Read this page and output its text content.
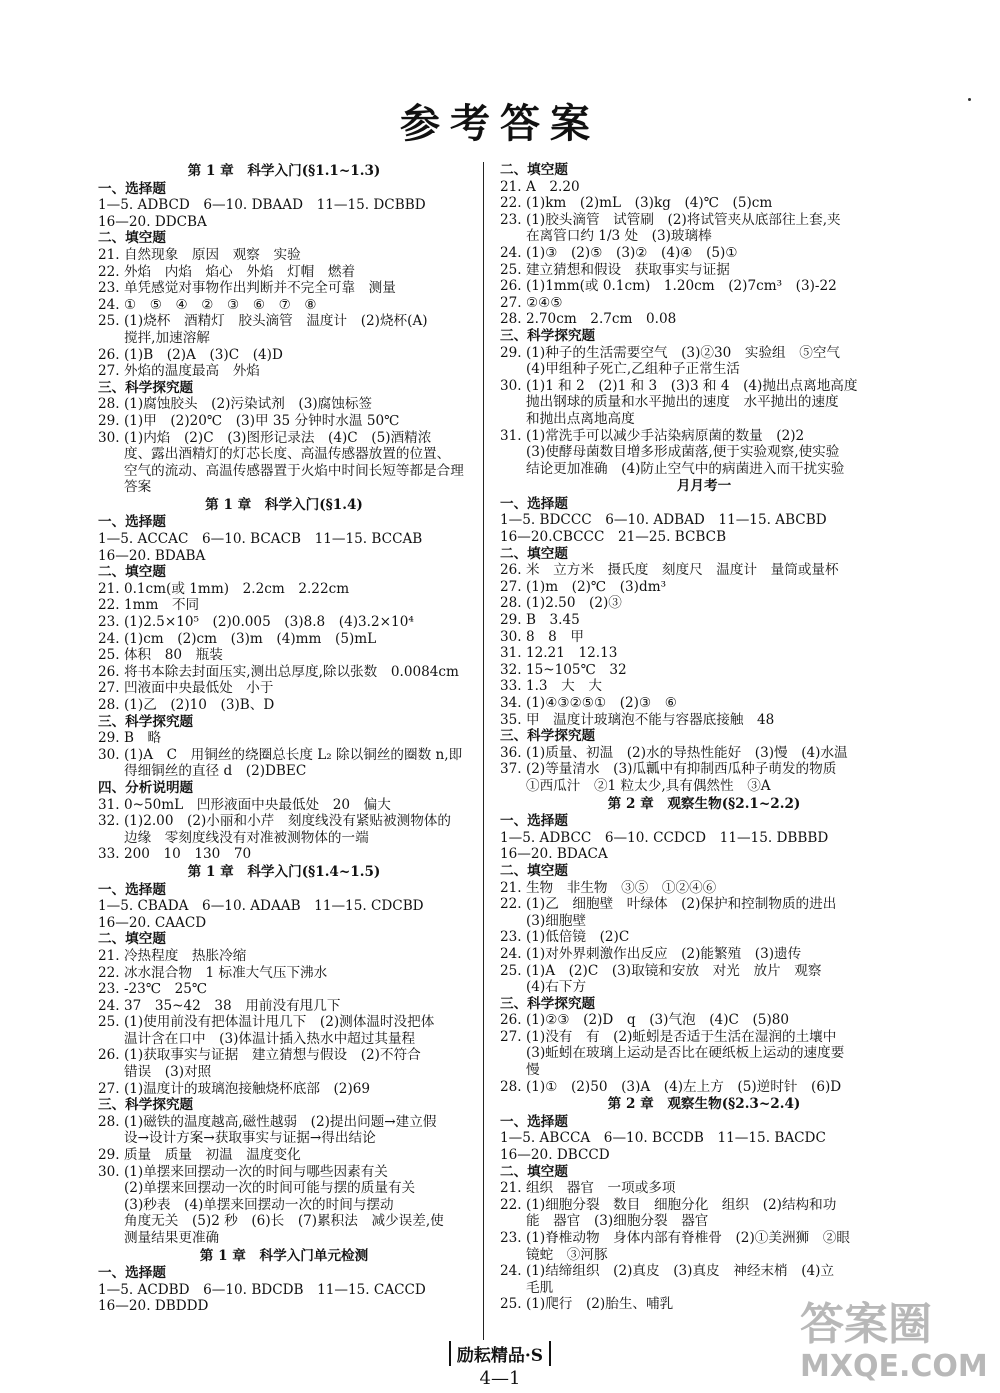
参考答案
第 1 章　科学入门(§1.1~1.3)
一、选择题
1—5. ADBCD　6—10. DBAAD　11—15. DCBBD
16—20. DDCBA
二、填空题
21. 自然现象　原因　观察　实验
22. 外焰　内焰　焰心　外焰　灯帽　燃着
23. 单凭感觉对事物作出判断并不完全可靠　测量
24. ①　⑤　④　②　③　⑥　⑦　⑧
25. (1)烧杯　酒精灯　胶头滴管　温度计　(2)烧杯(A)
搅拌,加速溶解
26. (1)B　(2)A　(3)C　(4)D
27. 外焰的温度最高　外焰
三、科学探究题
28. (1)腐蚀胶头　(2)污染试剂　(3)腐蚀标签
29. (1)甲　(2)20℃　(3)甲 35 分钟时水温 50℃
30. (1)内焰　(2)C　(3)图形记录法　(4)C　(5)酒精浓
度、露出酒精灯的灯芯长度、高温传感器放置的位置、
空气的流动、高温传感器置于火焰中时间长短等都是合理
答案
第 1 章　科学入门(§1.4)
一、选择题
1—5. ACCAC　6—10. BCACB　11—15. BCCAB
16—20. BDABA
二、填空题
21. 0.1cm(或 1mm)　2.2cm　2.22cm
22. 1mm　不同
23. (1)2.5×10⁵　(2)0.005　(3)8.8　(4)3.2×10⁴
24. (1)cm　(2)cm　(3)m　(4)mm　(5)mL
25. 体积　80　瓶装
26. 将书本除去封面压实,测出总厚度,除以张数　0.0084cm
27. 凹液面中央最低处　小于
28. (1)乙　(2)10　(3)B、D
三、科学探究题
29. B　略
30. (1)A　C　用铜丝的绕圈总长度 L₂ 除以铜丝的圈数 n,即
得细铜丝的直径 d　(2)DBEC
四、分析说明题
31. 0~50mL　凹形液面中央最低处　20　偏大
32. (1)2.00　(2)小丽和小芹　刻度线没有紧贴被测物体的
边缘　零刻度线没有对准被测物体的一端
33. 200　10　130　70
第 1 章　科学入门(§1.4~1.5)
一、选择题
1—5. CBADA　6—10. ADAAB　11—15. CDCBD
16—20. CAACD
二、填空题
21. 冷热程度　热胀冷缩
22. 冰水混合物　1 标准大气压下沸水
23. -23℃　25℃
24. 37　35~42　38　用前没有甩几下
25. (1)使用前没有把体温计甩几下　(2)测体温时没把体
温计含在口中　(3)体温计插入热水中超过其量程
26. (1)获取事实与证据　建立猜想与假设　(2)不符合
错误　(3)对照
27. (1)温度计的玻璃泡接触烧杯底部　(2)69
三、科学探究题
28. (1)磁铁的温度越高,磁性越弱　(2)提出问题→建立假
设→设计方案→获取事实与证据→得出结论
29. 质量　质量　初温　温度变化
30. (1)单摆来回摆动一次的时间与哪些因素有关
(2)单摆来回摆动一次的时间可能与摆的质量有关
(3)秒表　(4)单摆来回摆动一次的时间与摆动
角度无关　(5)2 秒　(6)长　(7)累积法　减少误差,使
测量结果更准确
第 1 章　科学入门单元检测
一、选择题
1—5. ACDBD　6—10. BDCDB　11—15. CACCD
16—20. DBDDD
二、填空题
21. A　2.20
22. (1)km　(2)mL　(3)kg　(4)℃　(5)cm
23. (1)胶头滴管　试管刷　(2)将试管夹从底部往上套,夹
在离管口约 1/3 处　(3)玻璃棒
24. (1)③　(2)⑤　(3)②　(4)④　(5)①
25. 建立猜想和假设　获取事实与证据
26. (1)1mm(或 0.1cm)　1.20cm　(2)7cm³　(3)-22
27. ②④⑤
28. 2.70cm　2.7cm　0.08
三、科学探究题
29. (1)种子的生活需要空气　(3)②30　实验组　⑤空气
(4)甲组种子死亡,乙组种子正常生活
30. (1)1 和 2　(2)1 和 3　(3)3 和 4　(4)抛出点离地高度
抛出钢球的质量和水平抛出的速度　水平抛出的速度
和抛出点离地高度
31. (1)常洗手可以减少手沾染病原菌的数量　(2)2
(3)使酵母菌数目增多形成菌落,便于实验观察,使实验
结论更加准确　(4)防止空气中的病菌进入而干扰实验
月月考一
一、选择题
1—5. BDCCC　6—10. ADBAD　11—15. ABCBD
16—20.CBCCC　21—25. BCBCB
二、填空题
26. 米　立方米　摄氏度　刻度尺　温度计　量筒或量杯
27. (1)m　(2)℃　(3)dm³
28. (1)2.50　(2)③
29. B　3.45
30. 8　8　甲
31. 12.21　12.13
32. 15~105℃　32
33. 1.3　大　大
34. (1)④③②⑤①　(2)③　⑥
35. 甲　温度计玻璃泡不能与容器底接触　48
三、科学探究题
36. (1)质量、初温　(2)水的导热性能好　(3)慢　(4)水温
37. (2)等量清水　(3)瓜瓤中有抑制西瓜种子萌发的物质
①西瓜汁　②1 粒太少,具有偶然性　③A
第 2 章　观察生物(§2.1~2.2)
一、选择题
1—5. ADBCC　6—10. CCDCD　11—15. DBBBD
16—20. BDACA
二、填空题
21. 生物　非生物　③⑤　①②④⑥
22. (1)乙　细胞壁　叶绿体　(2)保护和控制物质的进出
(3)细胞壁
23. (1)低倍镜　(2)C
24. (1)对外界刺激作出反应　(2)能繁殖　(3)遗传
25. (1)A　(2)C　(3)取镜和安放　对光　放片　观察
(4)右下方
三、科学探究题
26. (1)②③　(2)D　q　(3)气泡　(4)C　(5)80
27. (1)没有　有　(2)蚯蚓是否适于生活在湿润的土壤中
(3)蚯蚓在玻璃上运动是否比在硬纸板上运动的速度要
慢
28. (1)①　(2)50　(3)A　(4)左上方　(5)逆时针　(6)D
第 2 章　观察生物(§2.3~2.4)
一、选择题
1—5. ABCCA　6—10. BCCDB　11—15. BACDC
16—20. DBCCD
二、填空题
21. 组织　器官　一项或多项
22. (1)细胞分裂　数目　细胞分化　组织　(2)结构和功
能　器官　(3)细胞分裂　器官
23. (1)脊椎动物　身体内部有脊椎骨　(2)①美洲狮　②眼
镜蛇　③河豚
24. (1)结缔组织　(2)真皮　(3)真皮　神经末梢　(4)立
毛肌
25. (1)爬行　(2)胎生、哺乳
励耘精品·S
4—1
答案圈
MXQE.COM
